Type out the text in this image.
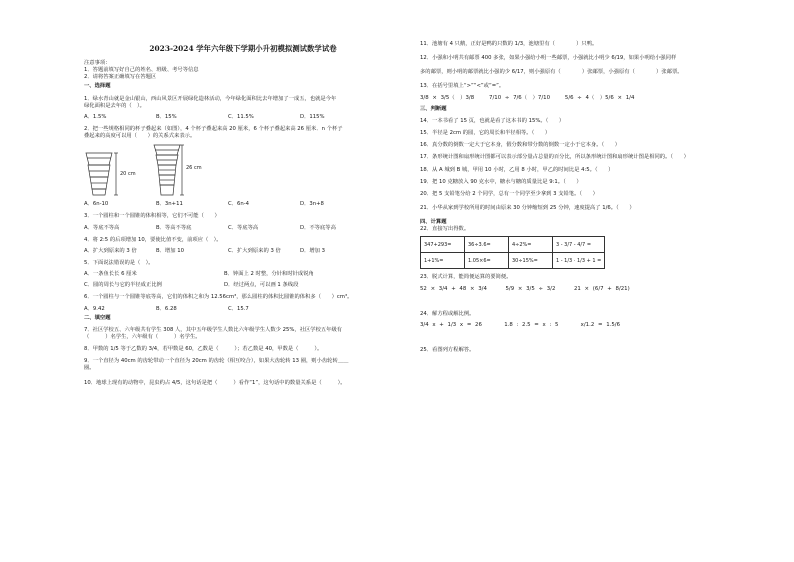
2023-2024 学年六年级下学期小升初模拟测试数学试卷
注意事项：
1．答题前填写好自己的姓名、班级、考号等信息
2．请将答案正确填写在答题区
一、选择题
1．绿水青山就是金山银山，西山风景区开展绿化造林活动，今年绿化面积比去年增加了一成五，也就是今年
绿化面积是去年的（　）。
A．1.5%	B．15%	C．11.5%	D．115%
2．把一些规格相同的杯子叠起来（如图），4 个杯子叠起来高 20 厘米，6 个杯子叠起来高 26 厘米．n 个杯子
叠起来的高度可以用（　　）的关系式来表示。
20 cm
26 cm
A．6n-10	B．3n+11	C．6n-4	D．3n+8
3．一个圆柱和一个圆锥的体积相等，它们不可能（　　）
A．等底不等高	B．等高不等底	C．等底等高	D．不等底等高
4．将 2:5 的后项增加 10，要使比值不变，前项应（　）。
A．扩大到原来的 3 倍	B．增加 10	C．扩大到原来的 3 倍	D．增加 3
5．下面说法错误的是（　）。
A．一条鱼长长 6 厘米	B．钟面上 2 时整，分针和时针成锐角
C．圆的周长与它的半径成正比例	D．经过两点，可以画 1 条线段
6．一个圆柱与一个圆锥等底等高，它们的体积之和为 12.56cm³，那么圆柱的体积比圆锥的体积多（　　）cm³。
A．9.42	B．6.28	C．15.7
二、填空题
7．社区学校五、六年级共有学生 308 人，其中五年级学生人数比六年级学生人数少 25%，社区学校五年级有
（　　　）名学生，六年级有（　　　）名学生。
8．甲数的 1/5 等于乙数的 3/4，若甲数是 60，乙数是（　　　）；若乙数是 40，甲数是（　　　）。
9．一个直径为 40cm 的齿轮带动一个直径为 20cm 的齿轮（相互咬合），如果大齿轮转 13 圈，则小齿轮转＿＿
圈。
10．地球上现有的动物中，昆虫约占 4/5，这句话是把（　　　）看作“1”，这句话中的数量关系是（　　　）。
11．池塘有 4 只鹅，正好是鸭的只数的 1/3，池塘里有（　　　　）只鸭。
12．小强和小明共有邮票 400 多张，如果小强给小明一些邮票，小强就比小明少 6/19，如果小明给小强同样
多的邮票，则小明的邮票就比小强的少 6/17，则小强原有（　　　　）张邮票，小强原有（　　　　）张邮票。
13．在括号里填上“>”“<”或“=”。
3/8 × 3/5（　）3/8	7/10 ÷ 7/6（　）7/10	5/6 ÷ 4（　）5/6 × 1/4
三、判断题
14．一本书看了 15 页，也就是看了这本书的 15%。（　　）
15．半径是 2cm 的圆，它的周长和半径相等。（　　）
16．真分数的倒数一定大于它本身，假分数和带分数的倒数一定小于它本身。（　　）
17．条形统计图和扇形统计图都可以表示部分量占总量的百分比，所以条形统计图和扇形统计图是相同的。（　　）
18．从 A 城到 B 城，甲用 10 小时，乙用 8 小时，甲乙的时间比是 4:5。（　　）
19．把 10 克糖放入 90 克水中，糖水与糖的质量比是 9:1。（　　）
20．把 5 支铅笔分给 2 个同学，总有一个同学至少拿到 3 支铅笔。（　　）
21．小华从家到学校所用的时间由原来 30 分钟缩短到 25 分钟，速度提高了 1/6。（　　）
四、计算题
22．直接写出得数。
347+293=	36÷3.6=	4÷2%=	3 - 3/7 - 4/7 =
1+1%=	1.05×6=	30÷15%=	1 - 1/3 · 1/3 + 1 =
23．脱式计算，能简便运算的要简便。
52 × 3/4 + 48 × 3/4	5/9 × 3/5 ÷ 3/2	21 × (6/7 + 8/21)
24．解方程或解比例。
3/4 x + 1/3 x = 26	1.8 : 2.5 = x : 5	x/1.2 = 1.5/6
25．看图列方程解答。
